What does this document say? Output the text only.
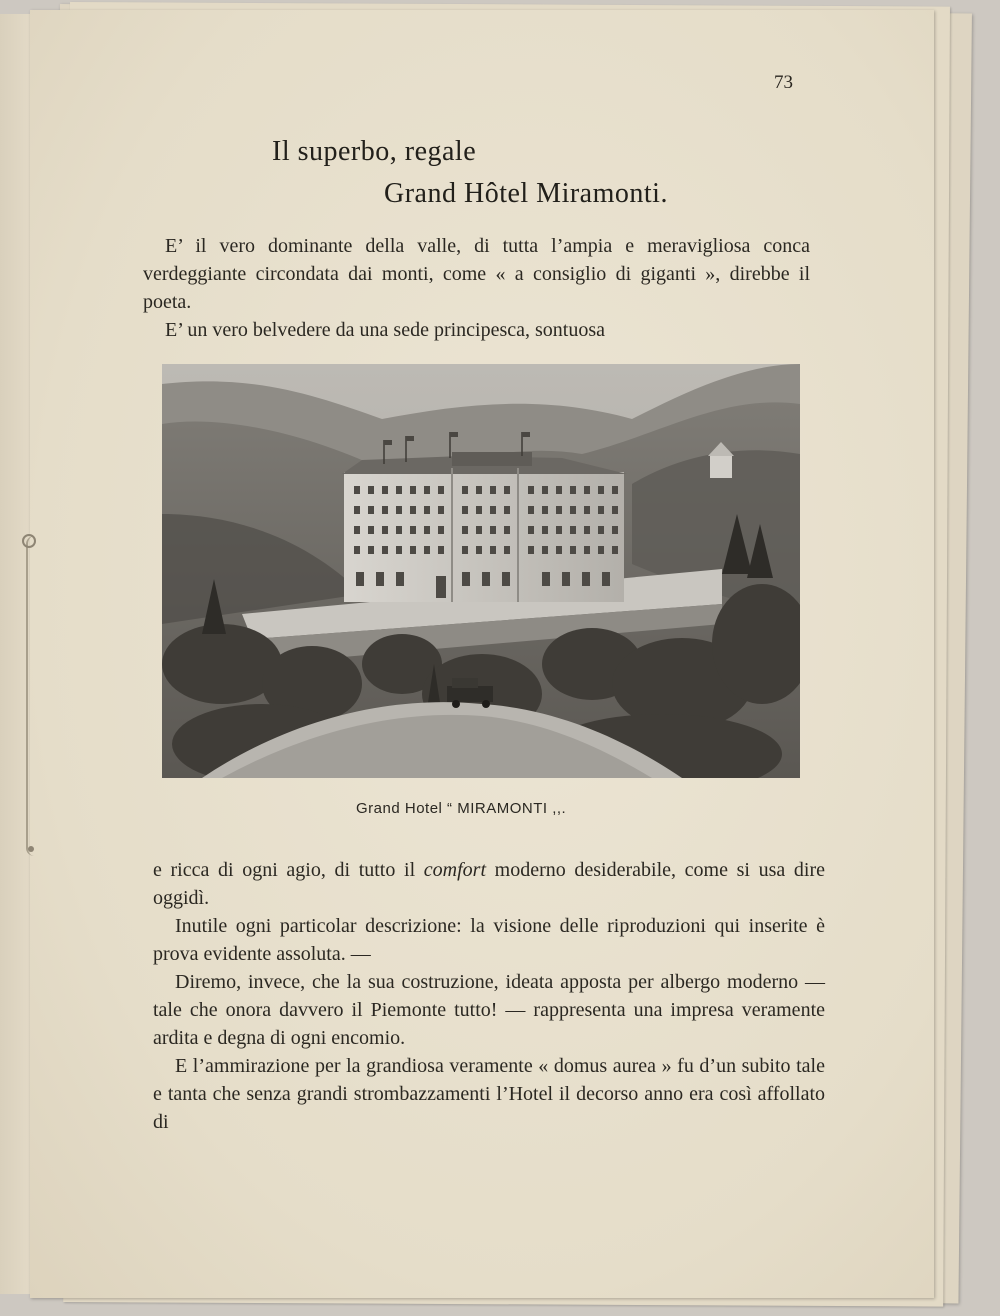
73
Il superbo, regale
Grand Hôtel Miramonti.

E’ il vero dominante della valle, di tutta l’ampia e meravigliosa conca verdeggiante circondata dai monti, come « a consiglio di giganti », direbbe il poeta.

E’ un vero belvedere da una sede principesca, sontuosa

Grand Hotel “ MIRAMONTI ,,.

e ricca di ogni agio, di tutto il comfort moderno desiderabile, come si usa dire oggidì.

Inutile ogni particolar descrizione: la visione delle riproduzioni qui inserite è prova evidente assoluta. —

Diremo, invece, che la sua costruzione, ideata apposta per albergo moderno — tale che onora davvero il Piemonte tutto! — rappresenta una impresa veramente ardita e degna di ogni encomio.

E l’ammirazione per la grandiosa veramente « domus aurea » fu d’un subito tale e tanta che senza grandi strombazzamenti l’Hotel il decorso anno era così affollato di
